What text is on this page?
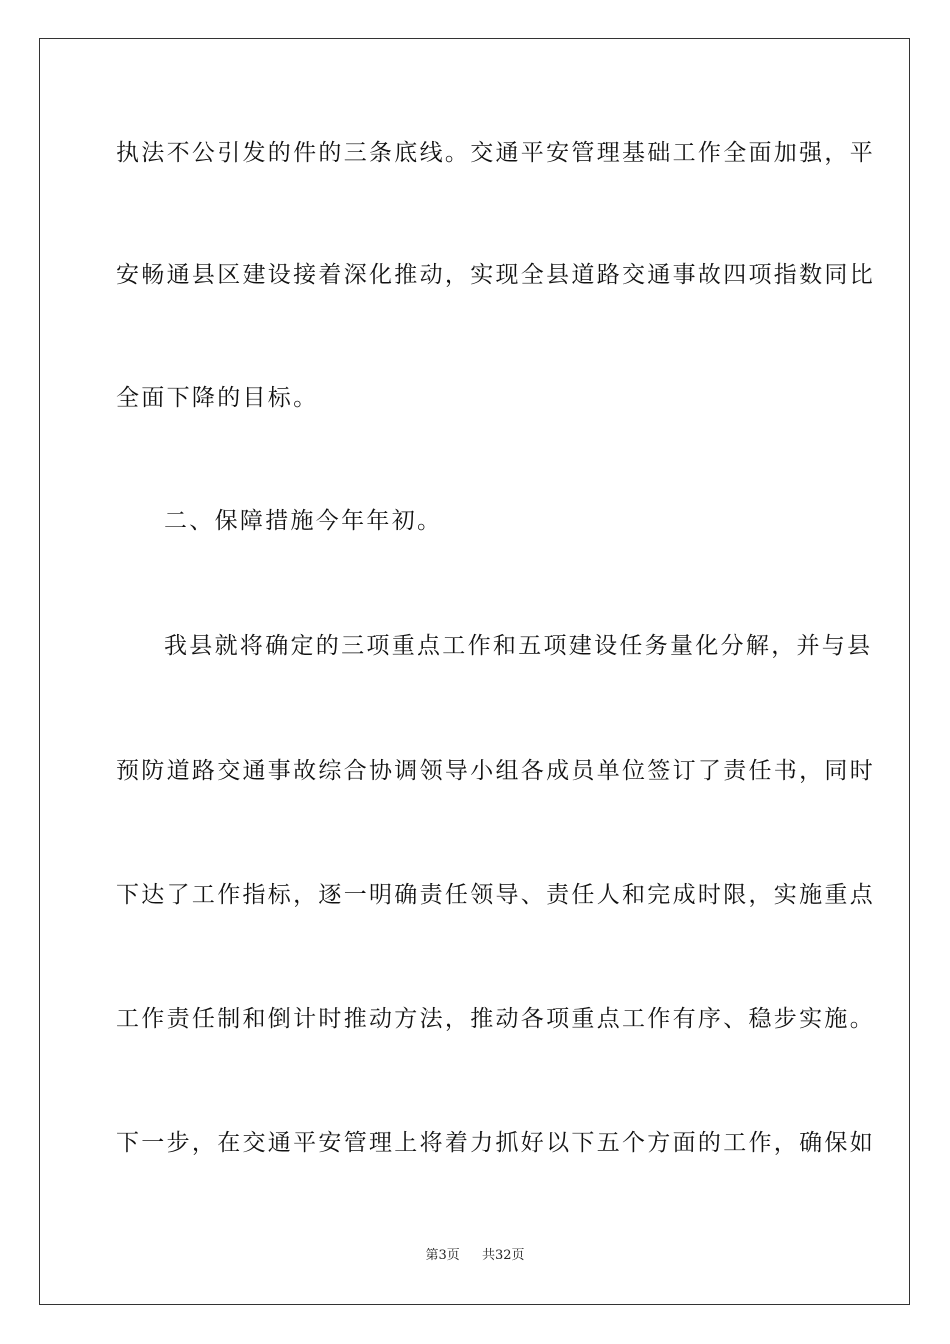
执法不公引发的件的三条底线。交通平安管理基础工作全面加强，平
安畅通县区建设接着深化推动，实现全县道路交通事故四项指数同比
全面下降的目标。
二、保障措施今年年初。
我县就将确定的三项重点工作和五项建设任务量化分解，并与县
预防道路交通事故综合协调领导小组各成员单位签订了责任书，同时
下达了工作指标，逐一明确责任领导、责任人和完成时限，实施重点
工作责任制和倒计时推动方法，推动各项重点工作有序、稳步实施。
下一步，在交通平安管理上将着力抓好以下五个方面的工作，确保如
第3页 共32页
